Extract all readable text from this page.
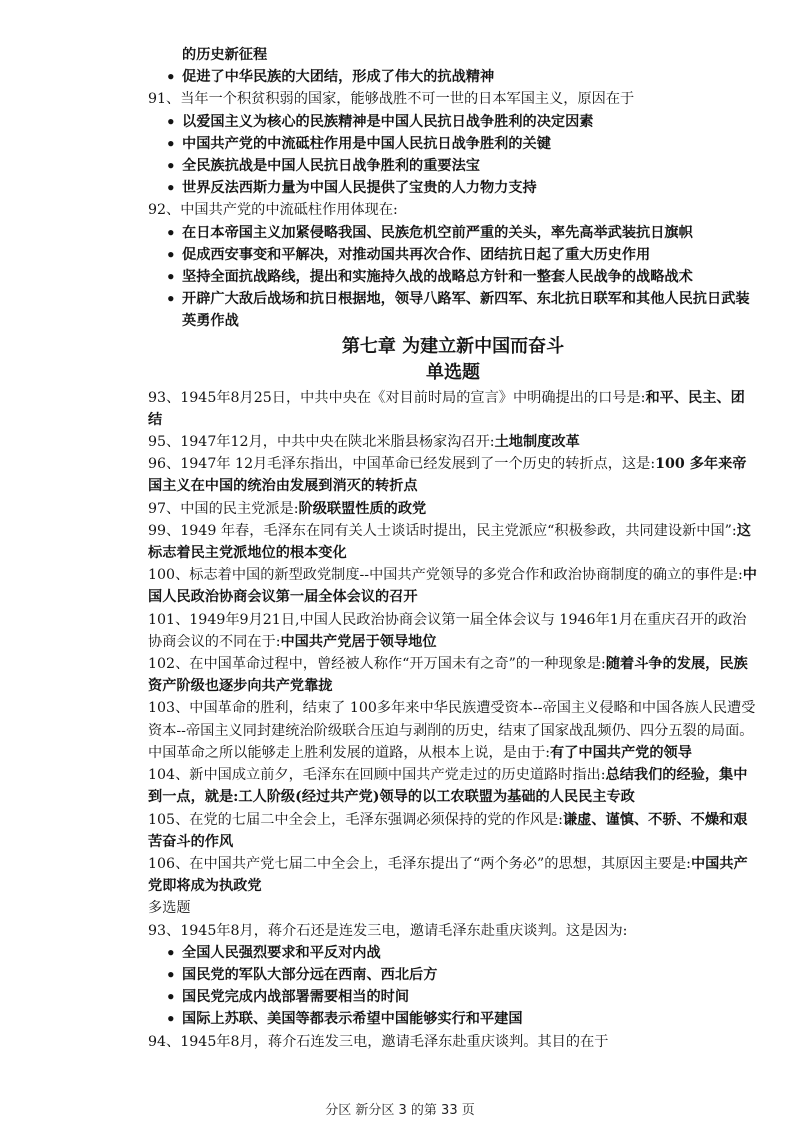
的历史新征程

• 促进了中华民族的大团结，形成了伟大的抗战精神

91、当年一个积贫积弱的国家，能够战胜不可一世的日本军国主义，原因在于

• 以爱国主义为核心的民族精神是中国人民抗日战争胜利的决定因素
• 中国共产党的中流砥柱作用是中国人民抗日战争胜利的关键
• 全民族抗战是中国人民抗日战争胜利的重要法宝
• 世界反法西斯力量为中国人民提供了宝贵的人力物力支持

92、中国共产党的中流砥柱作用体现在:

• 在日本帝国主义加紧侵略我国、民族危机空前严重的关头，率先高举武装抗日旗帜
• 促成西安事变和平解决，对推动国共再次合作、团结抗日起了重大历史作用
• 坚持全面抗战路线，提出和实施持久战的战略总方针和一整套人民战争的战略战术
• 开辟广大敌后战场和抗日根据地，领导八路军、新四军、东北抗日联军和其他人民抗日武装英勇作战
第七章 为建立新中国而奋斗
单选题

93、1945年8月25日，中共中央在《对目前时局的宣言》中明确提出的口号是:和平、民主、团结

95、1947年12月，中共中央在陕北米脂县杨家沟召开:土地制度改革

96、1947年 12月毛泽东指出，中国革命已经发展到了一个历史的转折点，这是:100 多年来帝国主义在中国的统治由发展到消灭的转折点

97、中国的民主党派是:阶级联盟性质的政党

99、1949 年春，毛泽东在同有关人士谈话时提出，民主党派应“积极参政，共同建设新中国”:这标志着民主党派地位的根本变化

100、标志着中国的新型政党制度--中国共产党领导的多党合作和政治协商制度的确立的事件是:中国人民政治协商会议第一届全体会议的召开

101、1949年9月21日,中国人民政治协商会议第一届全体会议与 1946年1月在重庆召开的政治协商会议的不同在于:中国共产党居于领导地位

102、在中国革命过程中，曾经被人称作“开万国未有之奇”的一种现象是:随着斗争的发展，民族资产阶级也逐步向共产党靠拢

103、中国革命的胜利，结束了 100多年来中华民族遭受资本--帝国主义侵略和中国各族人民遭受资本--帝国主义同封建统治阶级联合压迫与剥削的历史，结束了国家战乱频仍、四分五裂的局面。中国革命之所以能够走上胜利发展的道路，从根本上说，是由于:有了中国共产党的领导

104、新中国成立前夕，毛泽东在回顾中国共产党走过的历史道路时指出:总结我们的经验，集中到一点，就是:工人阶级(经过共产党)领导的以工农联盟为基础的人民民主专政

105、在党的七届二中全会上，毛泽东强调必须保持的党的作风是:谦虚、谨慎、不骄、不燥和艰苦奋斗的作风

106、在中国共产党七届二中全会上，毛泽东提出了“两个务必”的思想，其原因主要是:中国共产党即将成为执政党

多选题

93、1945年8月，蒋介石还是连发三电，邀请毛泽东赴重庆谈判。这是因为:

• 全国人民强烈要求和平反对内战
• 国民党的军队大部分远在西南、西北后方
• 国民党完成内战部署需要相当的时间
• 国际上苏联、美国等都表示希望中国能够实行和平建国

94、1945年8月，蒋介石连发三电，邀请毛泽东赴重庆谈判。其目的在于

分区 新分区 3 的第 33 页
